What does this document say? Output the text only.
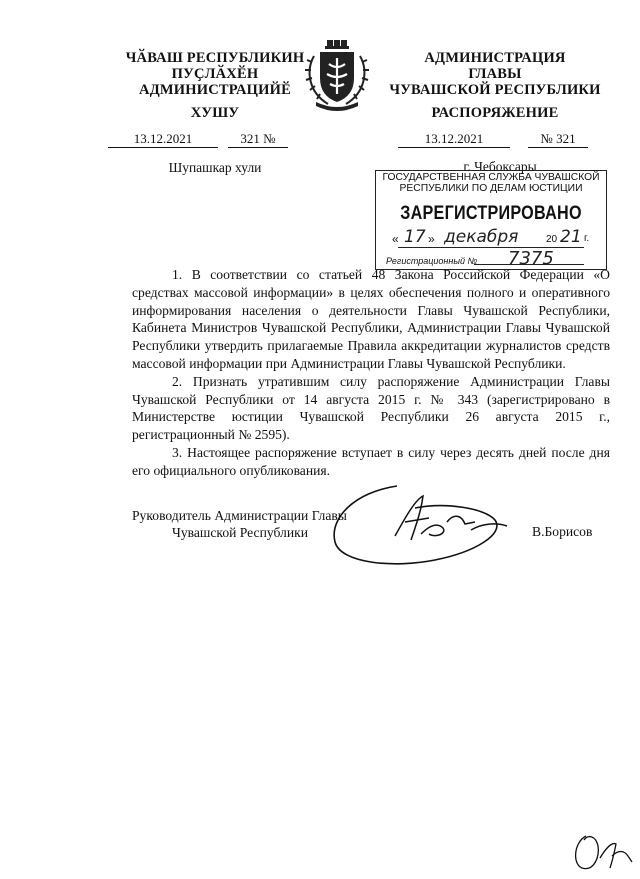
ЧӐВАШ РЕСПУБЛИКИН
ПУҪЛӐХӖН
АДМИНИСТРАЦИЙӖ
ХУШУ
13.12.2021	321 №
Шупашкар хули
АДМИНИСТРАЦИЯ
ГЛАВЫ
ЧУВАШСКОЙ РЕСПУБЛИКИ
РАСПОРЯЖЕНИЕ
13.12.2021	№ 321
г. Чебоксары
ГОСУДАРСТВЕННАЯ СЛУЖБА ЧУВАШСКОЙ
РЕСПУБЛИКИ ПО ДЕЛАМ ЮСТИЦИИ
ЗАРЕГИСТРИРОВАНО
« 17 » декабря	20 21 г.
Регистрационный № 7375

1. В соответствии со статьей 48 Закона Российской Федерации «О средствах массовой информации» в целях обеспечения полного и оперативного информирования населения о деятельности Главы Чувашской Республики, Кабинета Министров Чувашской Республики, Администрации Главы Чувашской Республики утвердить прилагаемые Правила аккредитации журналистов средств массовой информации при Администрации Главы Чувашской Республики.

2. Признать утратившим силу распоряжение Администрации Главы Чувашской Республики от 14 августа 2015 г. № 343 (зарегистрировано в Министерстве юстиции Чувашской Республики 26 августа 2015 г., регистрационный № 2595).

3. Настоящее распоряжение вступает в силу через десять дней после дня его официального опубликования.

Руководитель Администрации Главы
Чувашской Республики	В.Борисов
